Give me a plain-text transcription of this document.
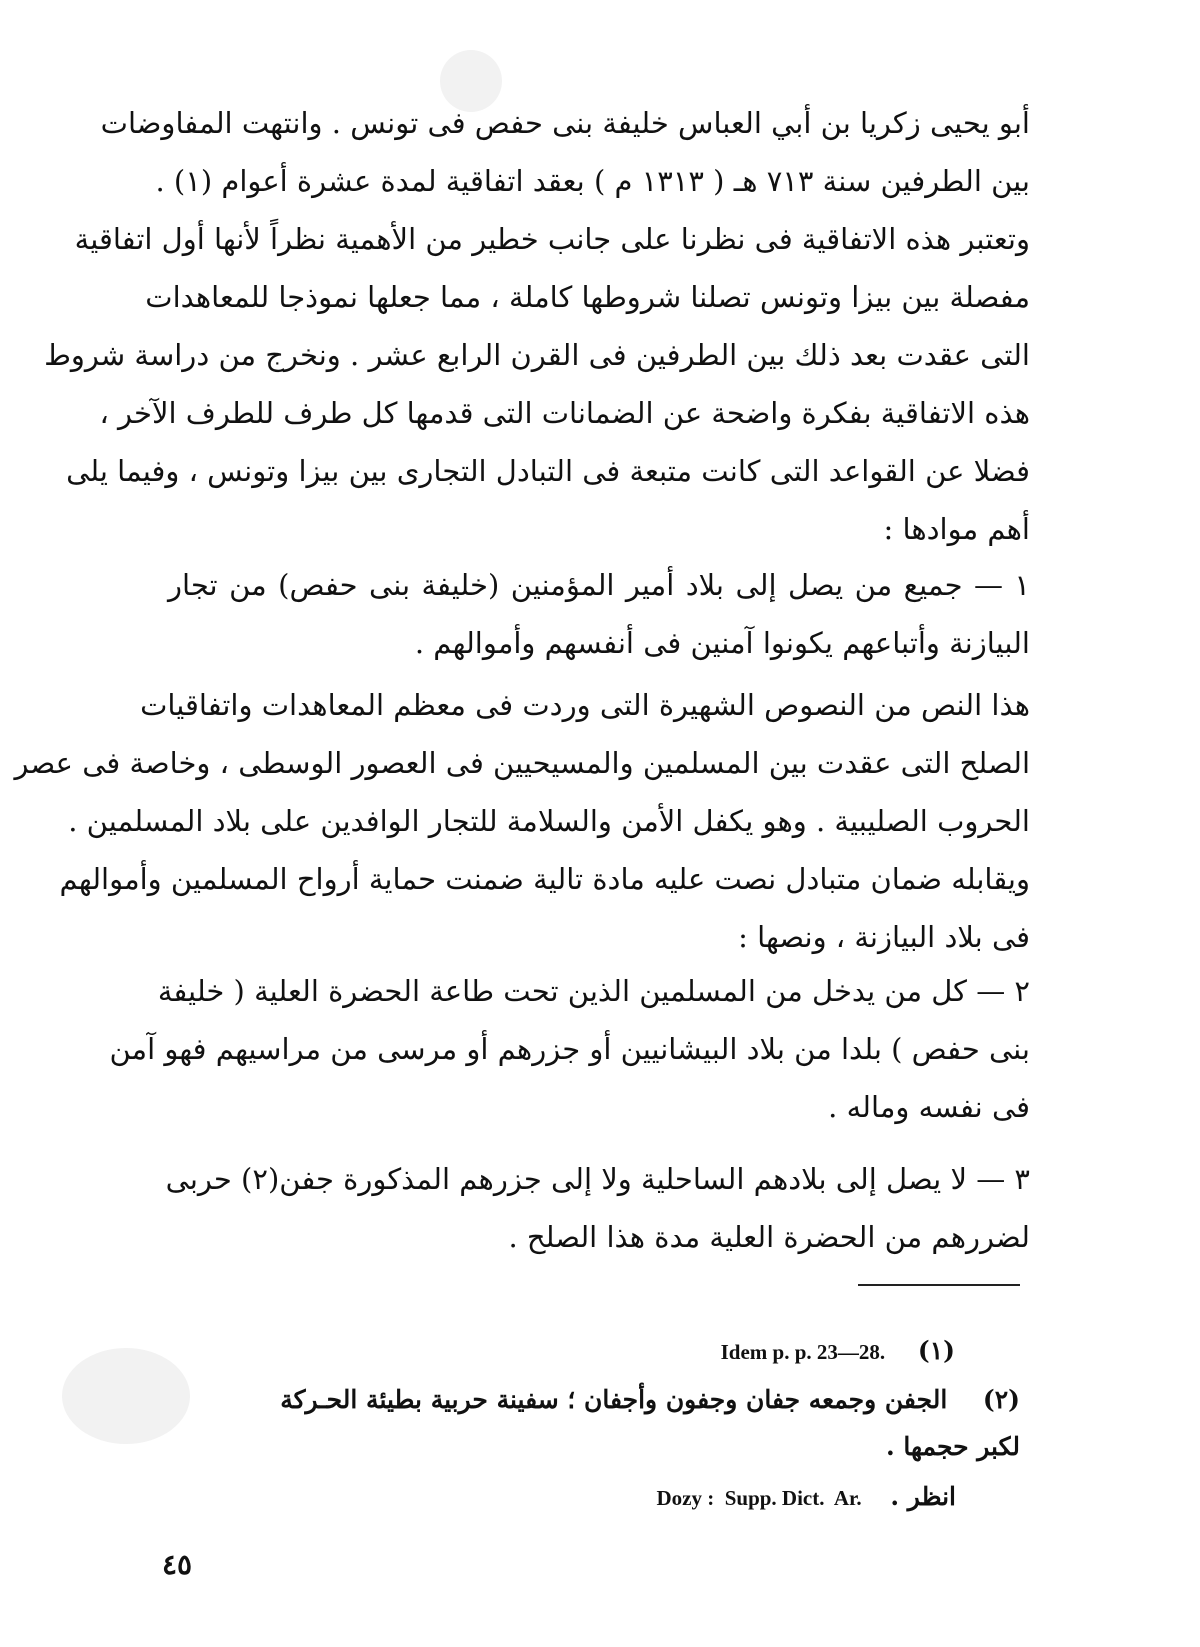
أبو يحيى زكريا بن أبي العباس خليفة بنى حفص فى تونس . وانتهت المفاوضات
بين الطرفين سنة ٧١٣ هـ ( ١٣١٣ م ) بعقد اتفاقية لمدة عشرة أعوام (١) .
وتعتبر هذه الاتفاقية فى نظرنا على جانب خطير من الأهمية نظراً لأنها أول اتفاقية
مفصلة بين بيزا وتونس تصلنا شروطها كاملة ، مما جعلها نموذجا للمعاهدات
التى عقدت بعد ذلك بين الطرفين فى القرن الرابع عشر . ونخرج من دراسة شروط
هذه الاتفاقية بفكرة واضحة عن الضمانات التى قدمها كل طرف للطرف الآخر ،
فضلا عن القواعد التى كانت متبعة فى التبادل التجارى بين بيزا وتونس ، وفيما يلى
أهم موادها :
١ — جميع من يصل إلى بلاد أمير المؤمنين (خليفة بنى حفص) من تجار
البيازنة وأتباعهم يكونوا آمنين فى أنفسهم وأموالهم .
هذا النص من النصوص الشهيرة التى وردت فى معظم المعاهدات واتفاقيات
الصلح التى عقدت بين المسلمين والمسيحيين فى العصور الوسطى ، وخاصة فى عصر
الحروب الصليبية . وهو يكفل الأمن والسلامة للتجار الوافدين على بلاد المسلمين .
ويقابله ضمان متبادل نصت عليه مادة تالية ضمنت حماية أرواح المسلمين وأموالهم
فى بلاد البيازنة ، ونصها :
٢ — كل من يدخل من المسلمين الذين تحت طاعة الحضرة العلية ( خليفة
بنى حفص ) بلدا من بلاد البيشانيين أو جزرهم أو مرسى من مراسيهم فهو آمن
فى نفسه وماله .
٣ — لا يصل إلى بلادهم الساحلية ولا إلى جزرهم المذكورة جفن(٢) حربى
لضررهم من الحضرة العلية مدة هذا الصلح .
(١) Idem p. p. 23—28.
(٢) الجفن وجمعه جفان وجفون وأجفان ؛ سفينة حربية بطيئة الحـركة
لكبر حجمها .
انظر . Dozy :  Supp. Dict.  Ar.
٤٥
